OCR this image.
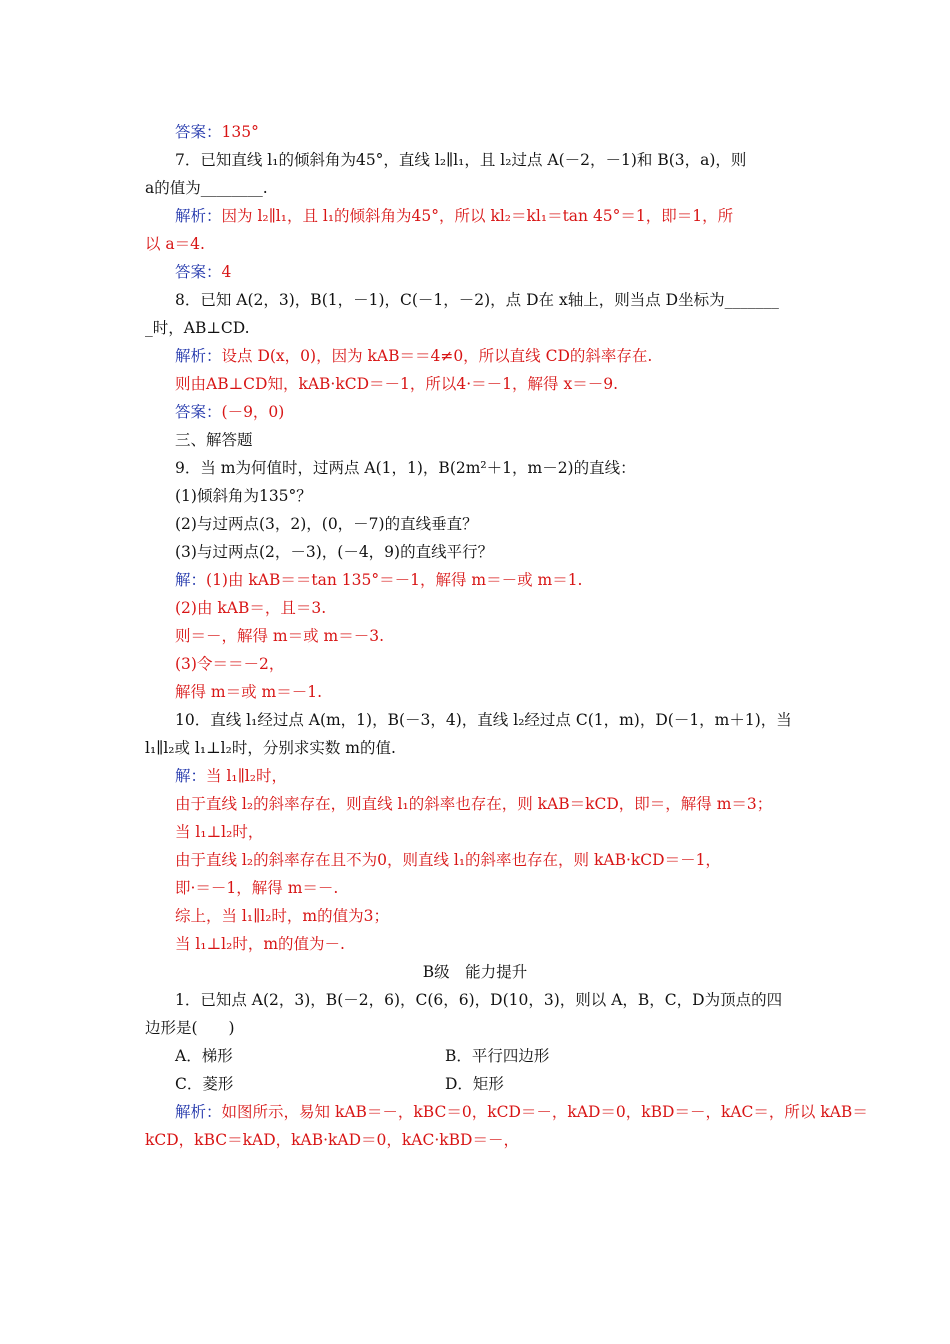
答案：135°
7．已知直线 l₁的倾斜角为45°，直线 l₂∥l₁，且 l₂过点 A(－2，－1)和 B(3，a)，则
a的值为________.
解析：因为 l₂∥l₁，且 l₁的倾斜角为45°，所以 kl₂＝kl₁＝tan 45°＝1，即＝1，所
以 a＝4.
答案：4
8．已知 A(2，3)，B(1，－1)，C(－1，－2)，点 D在 x轴上，则当点 D坐标为_______
_时，AB⊥CD.
解析：设点 D(x，0)，因为 kAB＝＝4≠0，所以直线 CD的斜率存在.
则由AB⊥CD知，kAB·kCD＝－1，所以4·＝－1，解得 x＝－9.
答案：(－9，0)
三、解答题
9．当 m为何值时，过两点 A(1，1)，B(2m²＋1，m－2)的直线：
(1)倾斜角为135°？
(2)与过两点(3，2)，(0，－7)的直线垂直？
(3)与过两点(2，－3)，(－4，9)的直线平行？
解：(1)由 kAB＝＝tan 135°＝－1，解得 m＝－或 m＝1.
(2)由 kAB＝，且＝3.
则＝－，解得 m＝或 m＝－3.
(3)令＝＝－2，
解得 m＝或 m＝－1.
10．直线 l₁经过点 A(m，1)，B(－3，4)，直线 l₂经过点 C(1，m)，D(－1，m＋1)，当
l₁∥l₂或 l₁⊥l₂时，分别求实数 m的值.
解：当 l₁∥l₂时，
由于直线 l₂的斜率存在，则直线 l₁的斜率也存在，则 kAB＝kCD，即＝，解得 m＝3；
当 l₁⊥l₂时，
由于直线 l₂的斜率存在且不为0，则直线 l₁的斜率也存在，则 kAB·kCD＝－1，
即·＝－1，解得 m＝－.
综上，当 l₁∥l₂时，m的值为3；
当 l₁⊥l₂时，m的值为－.
B级　能力提升
1．已知点 A(2，3)，B(－2，6)，C(6，6)，D(10，3)，则以 A，B，C，D为顶点的四
边形是(　　)
A．梯形	B．平行四边形
C．菱形	D．矩形
解析：如图所示，易知 kAB＝－，kBC＝0，kCD＝－，kAD＝0，kBD＝－，kAC＝，所以 kAB＝
kCD，kBC＝kAD，kAB·kAD＝0，kAC·kBD＝－，
